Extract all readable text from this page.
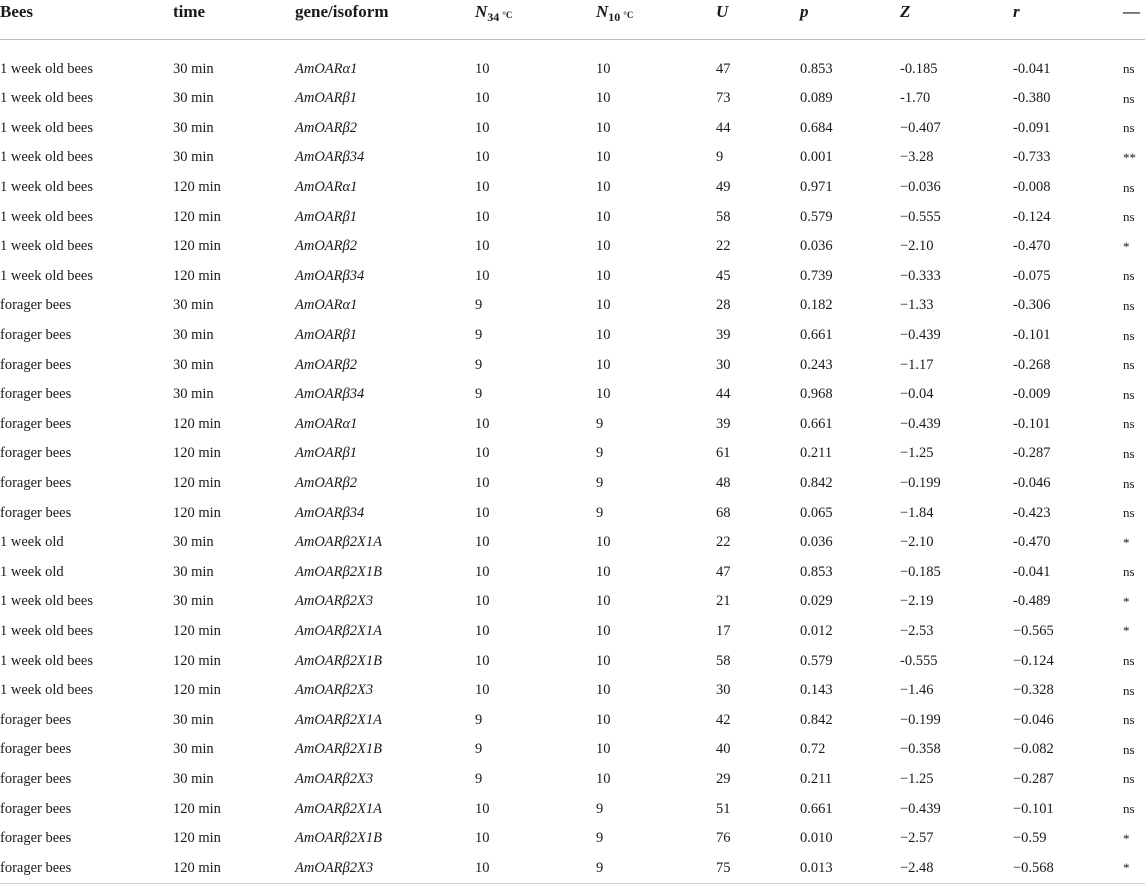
Bees	time	gene/isoform	$N_{34 ^{^\circ C}}$	$N_{10 ^{^\circ C}}$	U	p	Z	r	—
1 week old bees	30 min	AmOARα1	10	10	47	0.853	-0.185	-0.041	ns
1 week old bees	30 min	AmOARβ1	10	10	73	0.089	-1.70	-0.380	ns
1 week old bees	30 min	AmOARβ2	10	10	44	0.684	−0.407	-0.091	ns
1 week old bees	30 min	AmOARβ34	10	10	9	0.001	−3.28	-0.733	**
1 week old bees	120 min	AmOARα1	10	10	49	0.971	−0.036	-0.008	ns
1 week old bees	120 min	AmOARβ1	10	10	58	0.579	−0.555	-0.124	ns
1 week old bees	120 min	AmOARβ2	10	10	22	0.036	−2.10	-0.470	*
1 week old bees	120 min	AmOARβ34	10	10	45	0.739	−0.333	-0.075	ns
forager bees	30 min	AmOARα1	9	10	28	0.182	−1.33	-0.306	ns
forager bees	30 min	AmOARβ1	9	10	39	0.661	−0.439	-0.101	ns
forager bees	30 min	AmOARβ2	9	10	30	0.243	−1.17	-0.268	ns
forager bees	30 min	AmOARβ34	9	10	44	0.968	−0.04	-0.009	ns
forager bees	120 min	AmOARα1	10	9	39	0.661	−0.439	-0.101	ns
forager bees	120 min	AmOARβ1	10	9	61	0.211	−1.25	-0.287	ns
forager bees	120 min	AmOARβ2	10	9	48	0.842	−0.199	-0.046	ns
forager bees	120 min	AmOARβ34	10	9	68	0.065	−1.84	-0.423	ns
1 week old	30 min	AmOARβ2X1A	10	10	22	0.036	−2.10	-0.470	*
1 week old	30 min	AmOARβ2X1B	10	10	47	0.853	−0.185	-0.041	ns
1 week old bees	30 min	AmOARβ2X3	10	10	21	0.029	−2.19	-0.489	*
1 week old bees	120 min	AmOARβ2X1A	10	10	17	0.012	−2.53	−0.565	*
1 week old bees	120 min	AmOARβ2X1B	10	10	58	0.579	-0.555	−0.124	ns
1 week old bees	120 min	AmOARβ2X3	10	10	30	0.143	−1.46	−0.328	ns
forager bees	30 min	AmOARβ2X1A	9	10	42	0.842	−0.199	−0.046	ns
forager bees	30 min	AmOARβ2X1B	9	10	40	0.72	−0.358	−0.082	ns
forager bees	30 min	AmOARβ2X3	9	10	29	0.211	−1.25	−0.287	ns
forager bees	120 min	AmOARβ2X1A	10	9	51	0.661	−0.439	−0.101	ns
forager bees	120 min	AmOARβ2X1B	10	9	76	0.010	−2.57	−0.59	*
forager bees	120 min	AmOARβ2X3	10	9	75	0.013	−2.48	−0.568	*
